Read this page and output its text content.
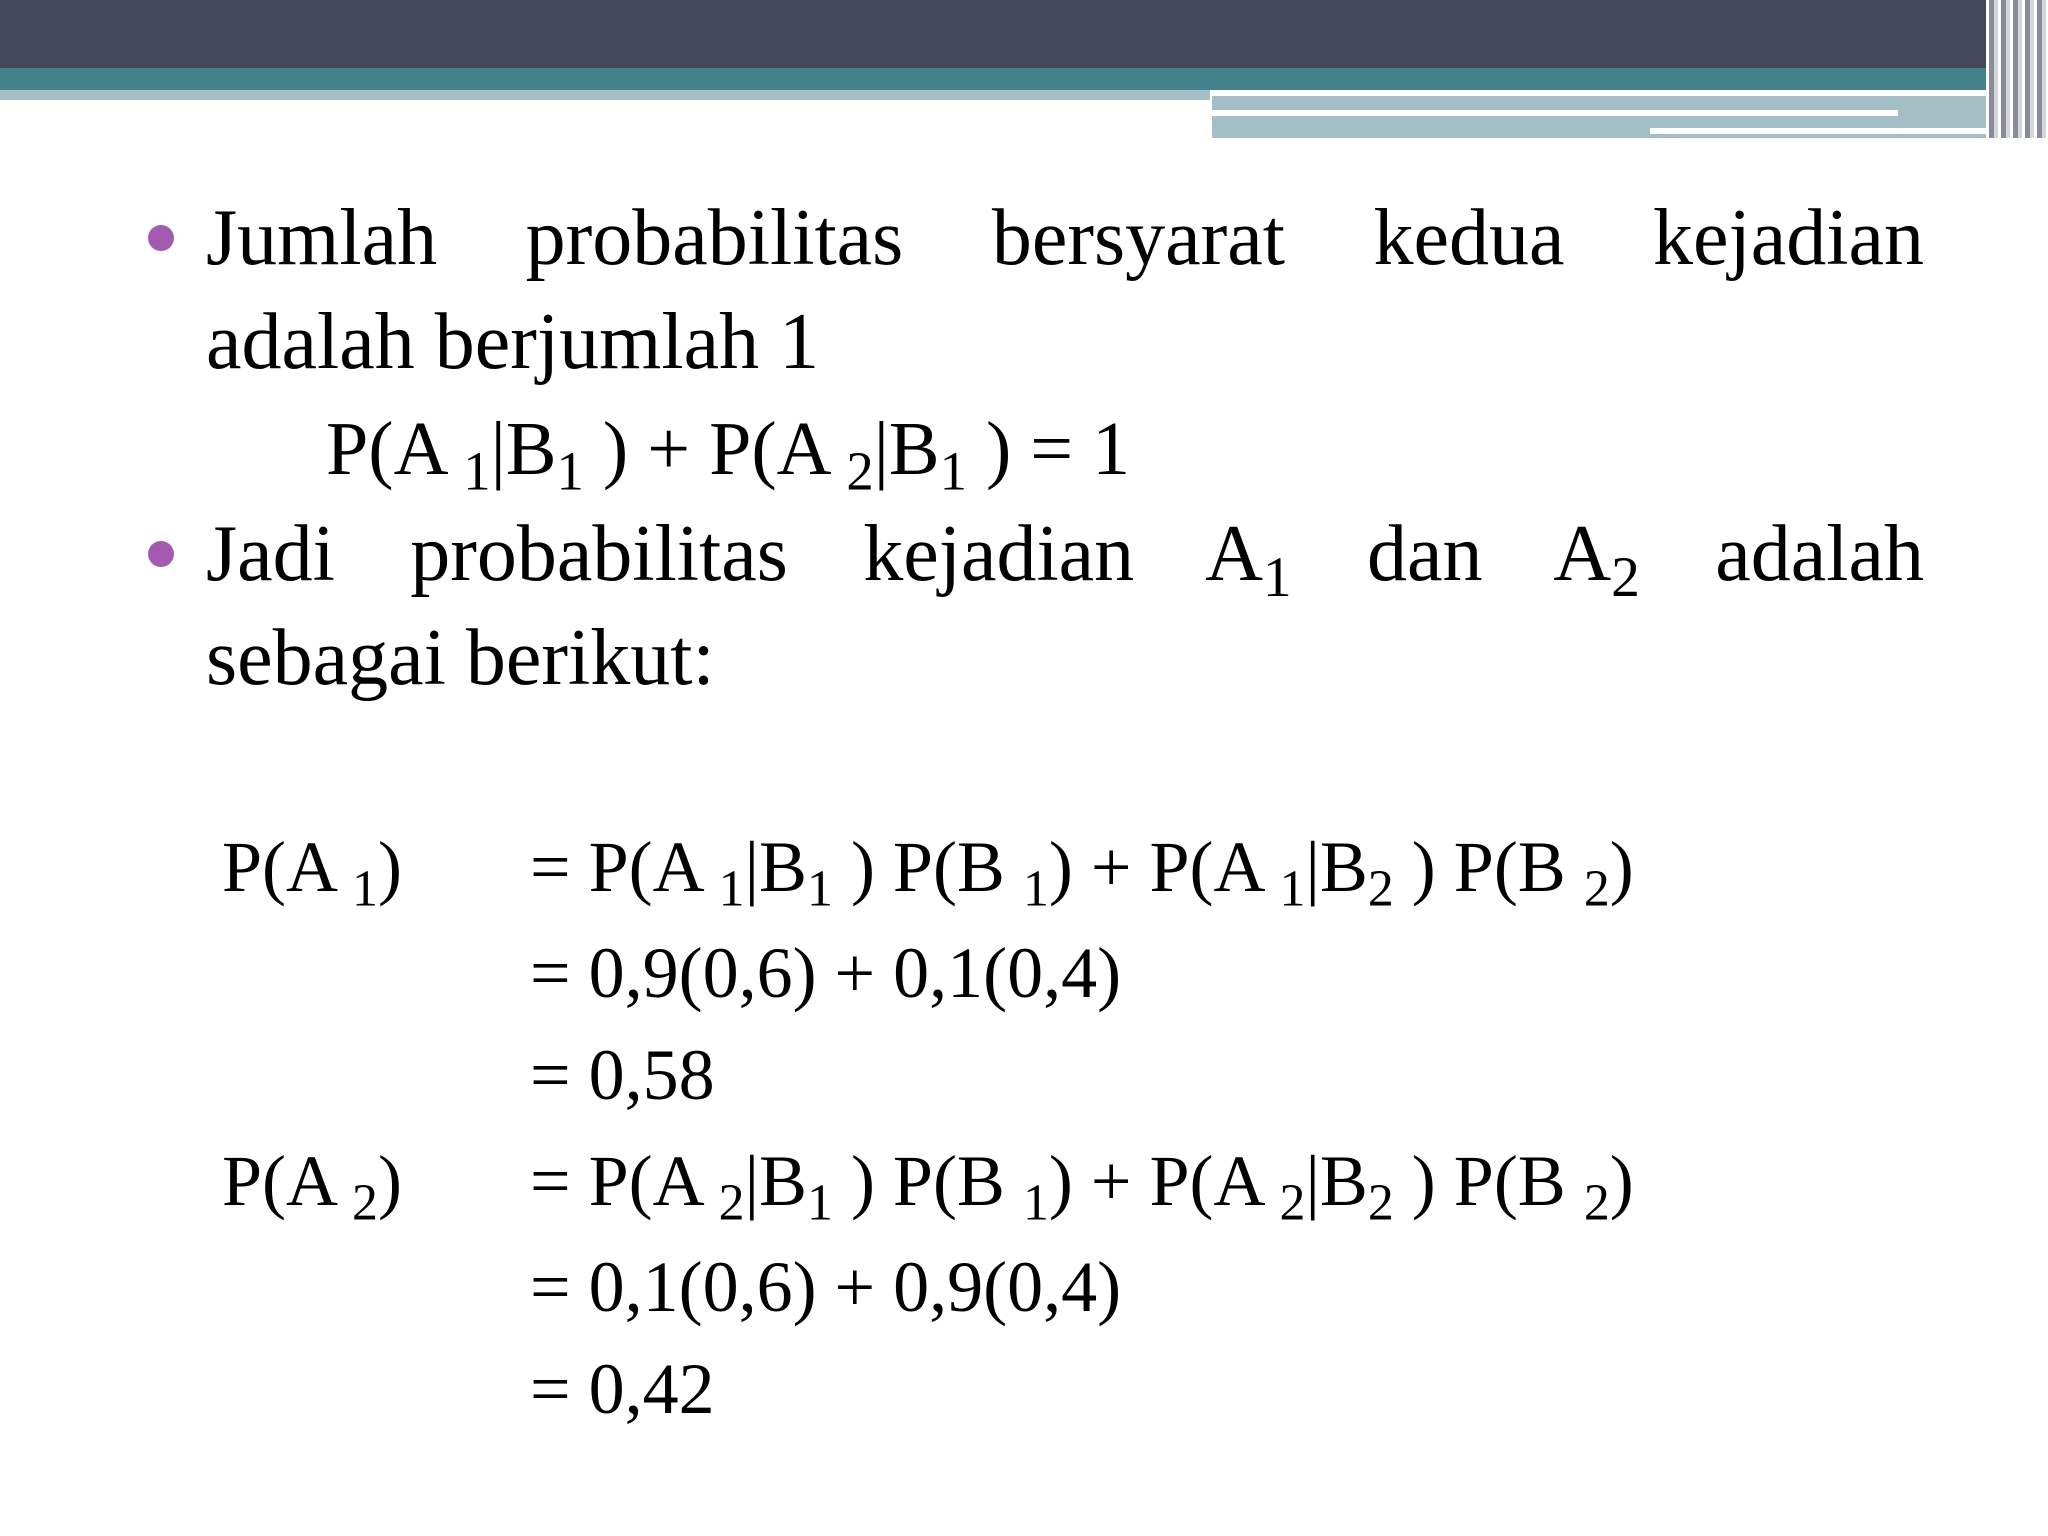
Jumlah probabilitas bersyarat kedua kejadian
adalah berjumlah 1
P(A $_1|B_1$ ) + P(A $_2|B_1$ ) = 1
Jadi probabilitas kejadian $A_1$ dan $A_2$ adalah
sebagai berikut:
P(A $_1$) = P(A $_1|B_1$ ) P(B $_1$) + P(A $_1|B_2$ ) P(B $_2$)
= 0,9(0,6) + 0,1(0,4)
= 0,58
P(A $_2$) = P(A $_2|B_1$ ) P(B $_1$) + P(A $_2|B_2$ ) P(B $_2$)
= 0,1(0,6) + 0,9(0,4)
= 0,42
